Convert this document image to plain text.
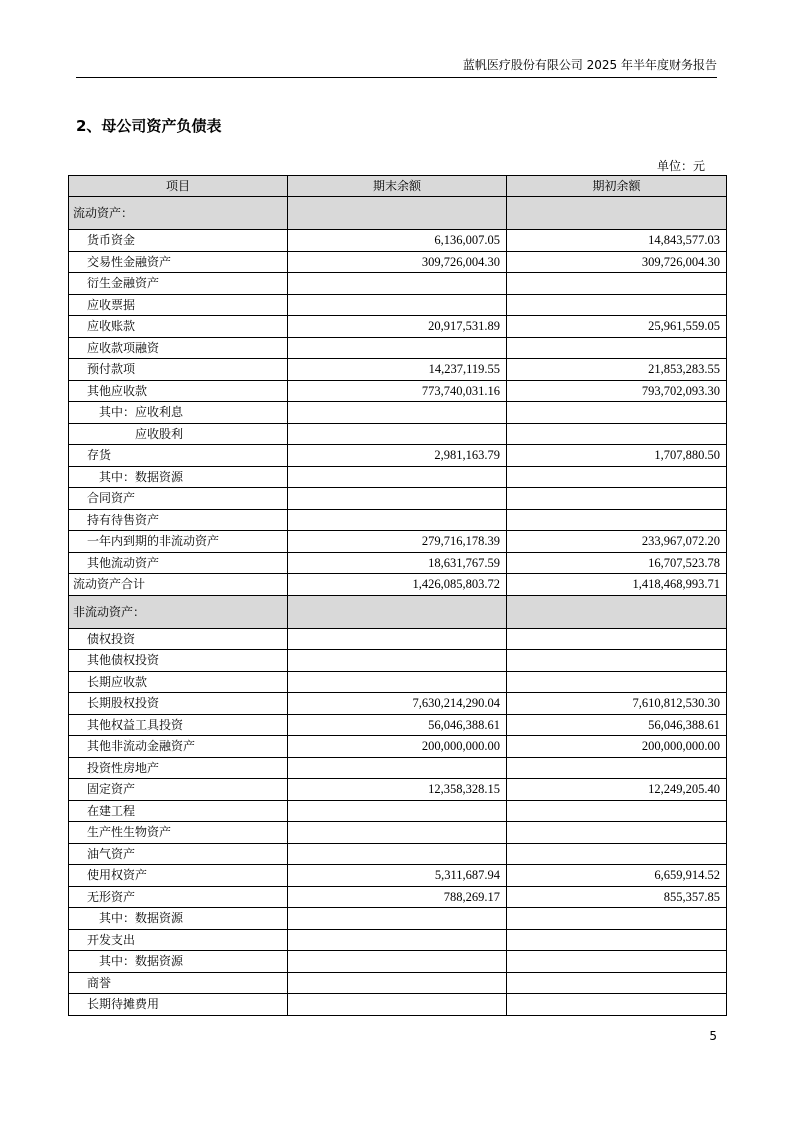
蓝帆医疗股份有限公司 2025 年半年度财务报告
2、母公司资产负债表
单位：元
项目	期末余额	期初余额
流动资产：		
货币资金	6,136,007.05	14,843,577.03
交易性金融资产	309,726,004.30	309,726,004.30
衍生金融资产		
应收票据		
应收账款	20,917,531.89	25,961,559.05
应收款项融资		
预付款项	14,237,119.55	21,853,283.55
其他应收款	773,740,031.16	793,702,093.30
其中：应收利息		
应收股利		
存货	2,981,163.79	1,707,880.50
其中：数据资源		
合同资产		
持有待售资产		
一年内到期的非流动资产	279,716,178.39	233,967,072.20
其他流动资产	18,631,767.59	16,707,523.78
流动资产合计	1,426,085,803.72	1,418,468,993.71
非流动资产：		
债权投资		
其他债权投资		
长期应收款		
长期股权投资	7,630,214,290.04	7,610,812,530.30
其他权益工具投资	56,046,388.61	56,046,388.61
其他非流动金融资产	200,000,000.00	200,000,000.00
投资性房地产		
固定资产	12,358,328.15	12,249,205.40
在建工程		
生产性生物资产		
油气资产		
使用权资产	5,311,687.94	6,659,914.52
无形资产	788,269.17	855,357.85
其中：数据资源		
开发支出		
其中：数据资源		
商誉		
长期待摊费用		
5
